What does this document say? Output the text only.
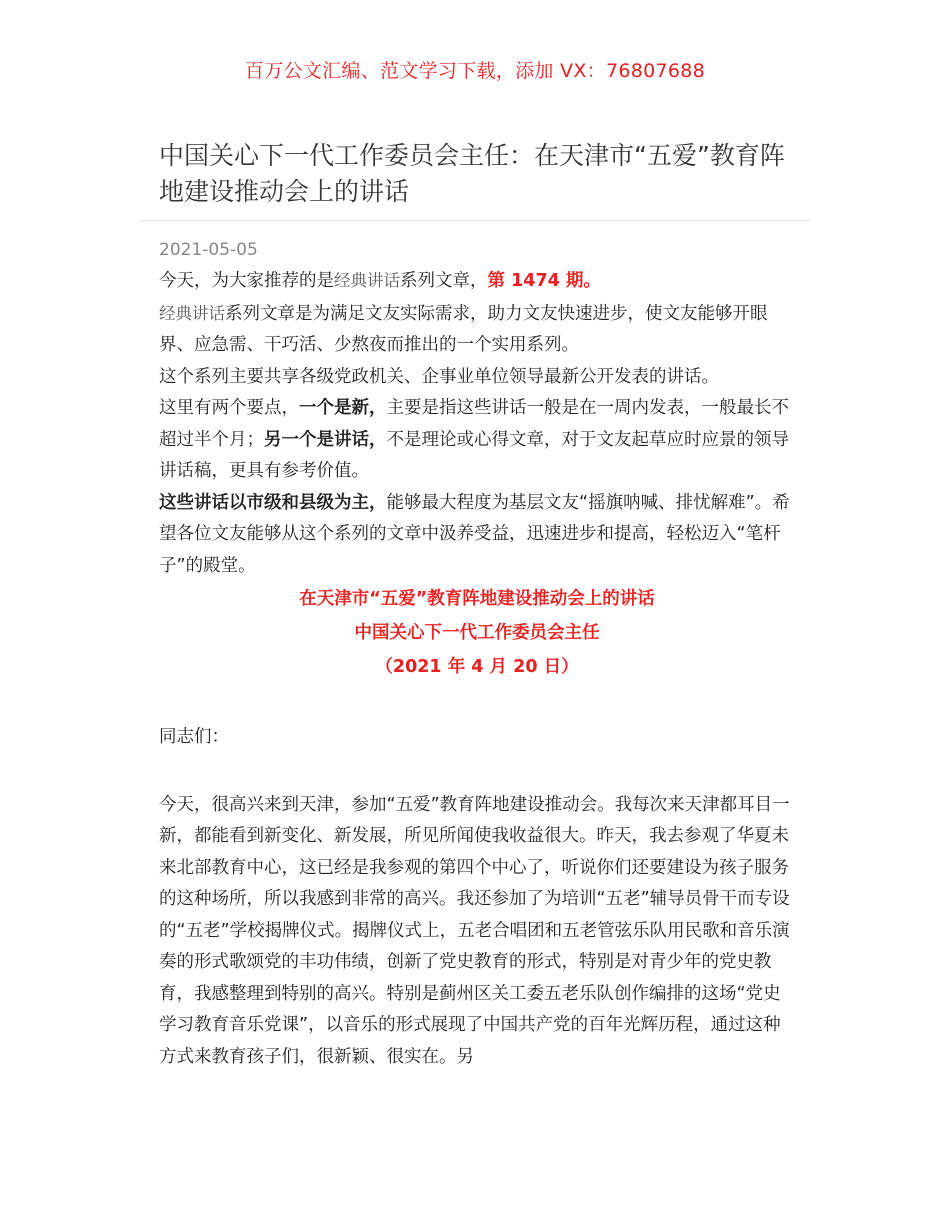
百万公文汇编、范文学习下载，添加 VX：76807688
中国关心下一代工作委员会主任：在天津市“五爱”教育阵地建设推动会上的讲话
2021-05-05

今天，为大家推荐的是经典讲话系列文章，第 1474 期。

经典讲话系列文章是为满足文友实际需求，助力文友快速进步，使文友能够开眼界、应急需、干巧活、少熬夜而推出的一个实用系列。

这个系列主要共享各级党政机关、企事业单位领导最新公开发表的讲话。

这里有两个要点，一个是新，主要是指这些讲话一般是在一周内发表，一般最长不超过半个月；另一个是讲话，不是理论或心得文章，对于文友起草应时应景的领导讲话稿，更具有参考价值。

这些讲话以市级和县级为主，能够最大程度为基层文友“摇旗呐喊、排忧解难”。希望各位文友能够从这个系列的文章中汲养受益，迅速进步和提高，轻松迈入“笔杆子”的殿堂。

在天津市“五爱”教育阵地建设推动会上的讲话
中国关心下一代工作委员会主任
（2021 年 4 月 20 日）

同志们：

今天，很高兴来到天津，参加“五爱”教育阵地建设推动会。我每次来天津都耳目一新，都能看到新变化、新发展，所见所闻使我收益很大。昨天，我去参观了华夏未来北部教育中心，这已经是我参观的第四个中心了，听说你们还要建设为孩子服务的这种场所，所以我感到非常的高兴。我还参加了为培训“五老”辅导员骨干而专设的“五老”学校揭牌仪式。揭牌仪式上，五老合唱团和五老管弦乐队用民歌和音乐演奏的形式歌颂党的丰功伟绩，创新了党史教育的形式，特别是对青少年的党史教育，我感整理到特别的高兴。特别是蓟州区关工委五老乐队创作编排的这场“党史学习教育音乐党课”，以音乐的形式展现了中国共产党的百年光辉历程，通过这种方式来教育孩子们，很新颖、很实在。另
